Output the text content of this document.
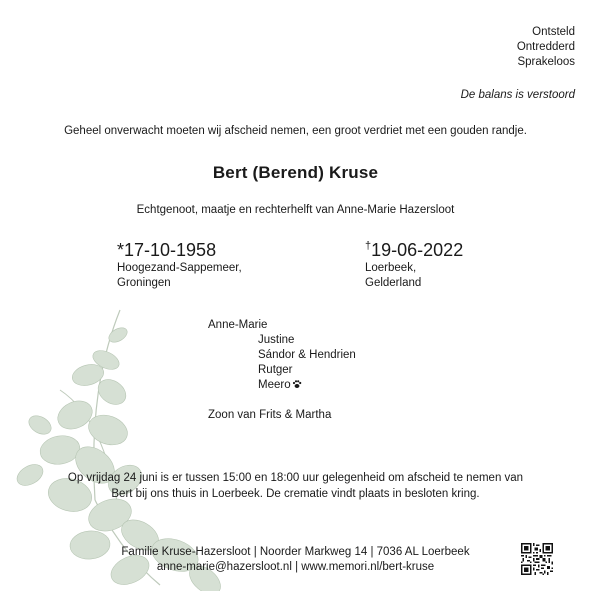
Ontsteld
Ontredderd
Sprakeloos
De balans is verstoord
Geheel onverwacht moeten wij afscheid nemen, een groot verdriet met een gouden randje.
Bert (Berend) Kruse
Echtgenoot, maatje en rechterhelft van Anne-Marie Hazersloot
*17-10-1958
Hoogezand-Sappemeer,
Groningen
†19-06-2022
Loerbeek,
Gelderland
Anne-Marie
Justine
Sándor & Hendrien
Rutger
Meero
Zoon van Frits & Martha
Op vrijdag 24 juni is er tussen 15:00 en 18:00 uur gelegenheid om afscheid te nemen van
Bert bij ons thuis in Loerbeek. De crematie vindt plaats in besloten kring.
Familie Kruse-Hazersloot | Noorder Markweg 14 | 7036 AL Loerbeek
anne-marie@hazersloot.nl | www.memori.nl/bert-kruse
